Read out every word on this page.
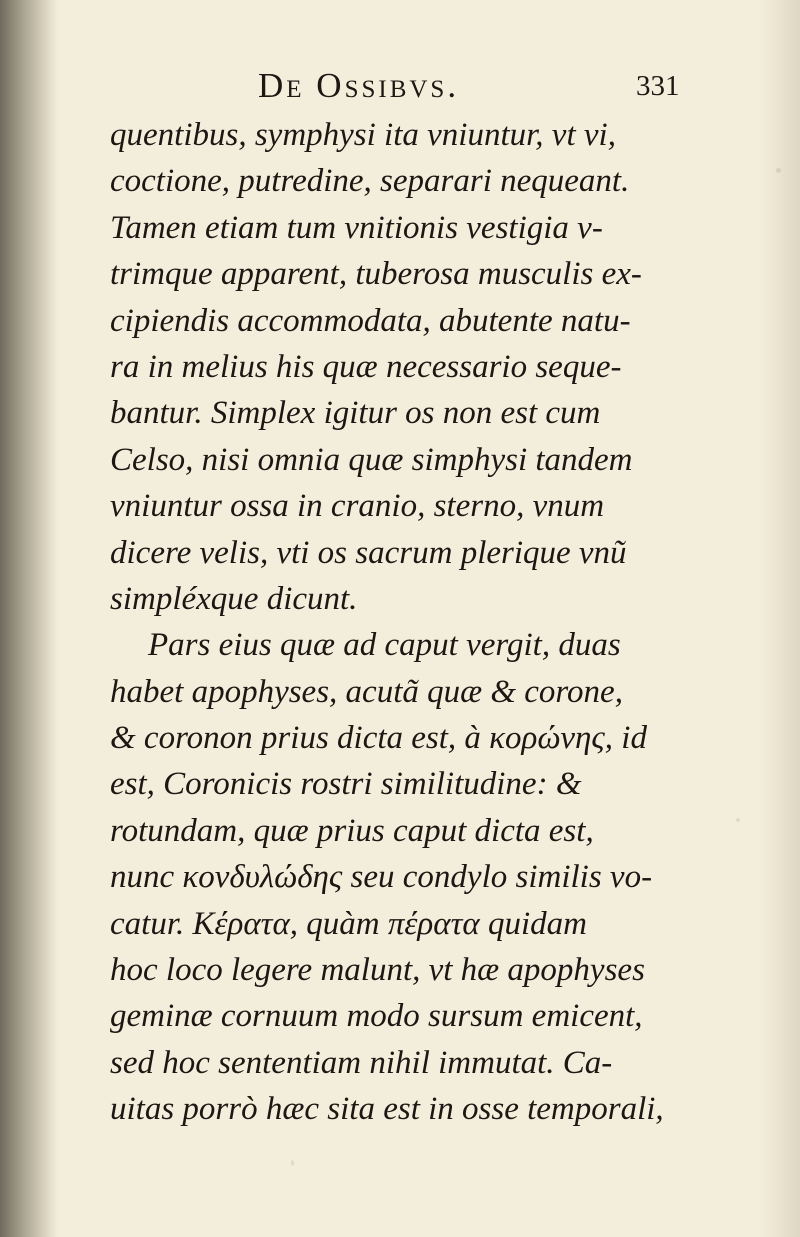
De Ossibvs.	331
quentibus, symphysi ita vniuntur, vt vi,
coctione, putredine, separari nequeant.
Tamen etiam tum vnitionis vestigia v-
trimque apparent, tuberosa musculis ex-
cipiendis accommodata, abutente natu-
ra in melius his quæ necessario seque-
bantur. Simplex igitur os non est cum
Celso, nisi omnia quæ simphysi tandem
vniuntur ossa in cranio, sterno, vnum
dicere velis, vti os sacrum plerique vnũ
simpléxque dicunt.
Pars eius quæ ad caput vergit, duas
habet apophyses, acutã quæ & corone,
& coronon prius dicta est, à κορώνης, id
est, Coronicis rostri similitudine: &
rotundam, quæ prius caput dicta est,
nunc κονδυλώδης seu condylo similis vo-
catur. Κέρατα, quàm πέρατα quidam
hoc loco legere malunt, vt hæ apophyses
geminæ cornuum modo sursum emicent,
sed hoc sententiam nihil immutat. Ca-
uitas porrò hæc sita est in osse temporali,
